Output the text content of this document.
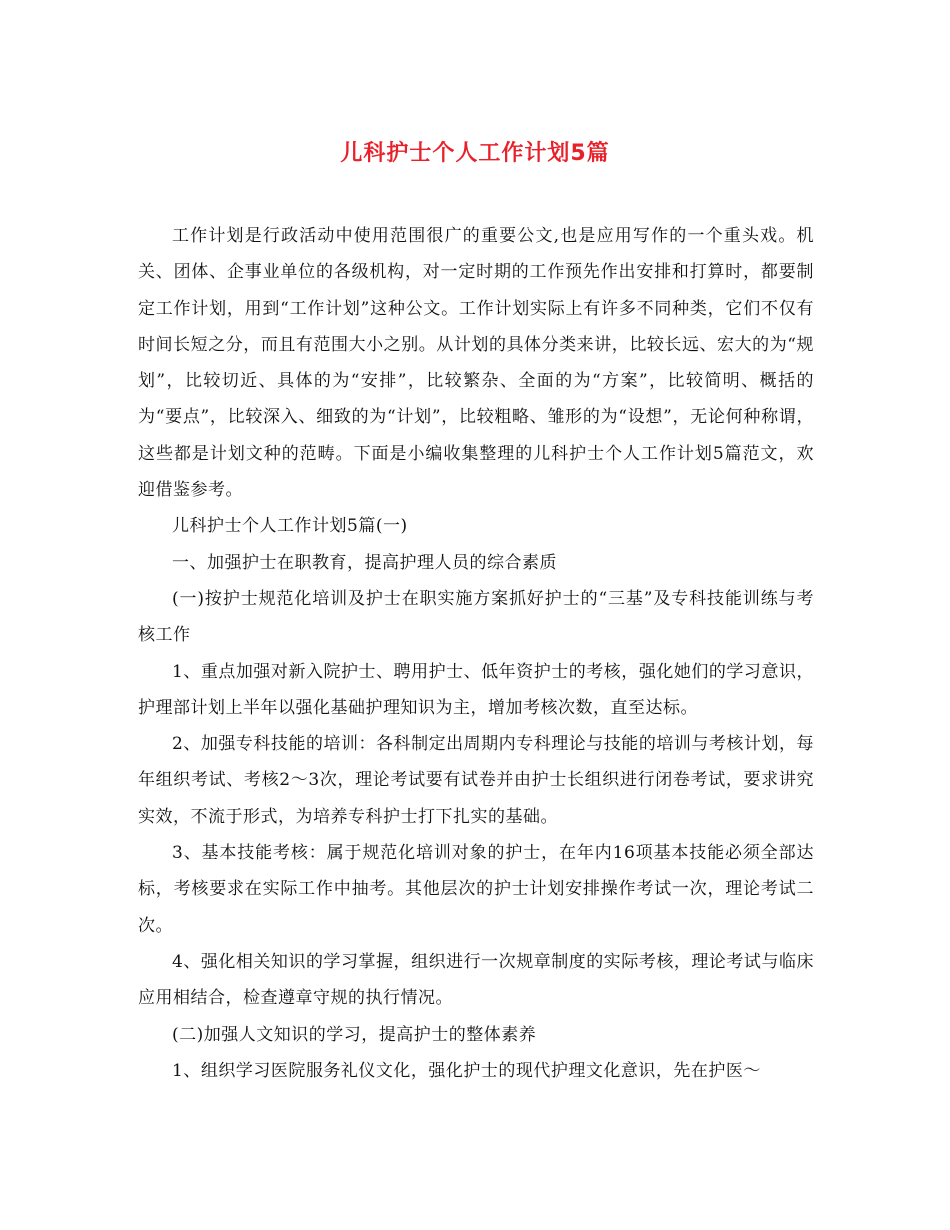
儿科护士个人工作计划5篇

工作计划是行政活动中使用范围很广的重要公文,也是应用写作的一个重头戏。机关、团体、企事业单位的各级机构，对一定时期的工作预先作出安排和打算时，都要制定工作计划，用到“工作计划”这种公文。工作计划实际上有许多不同种类，它们不仅有时间长短之分，而且有范围大小之别。从计划的具体分类来讲，比较长远、宏大的为“规划”，比较切近、具体的为“安排”，比较繁杂、全面的为“方案”，比较简明、概括的为“要点”，比较深入、细致的为“计划”，比较粗略、雏形的为“设想”，无论何种称谓，这些都是计划文种的范畴。下面是小编收集整理的儿科护士个人工作计划5篇范文，欢迎借鉴参考。

儿科护士个人工作计划5篇(一)

一、加强护士在职教育，提高护理人员的综合素质

(一)按护士规范化培训及护士在职实施方案抓好护士的“三基”及专科技能训练与考核工作

1、重点加强对新入院护士、聘用护士、低年资护士的考核，强化她们的学习意识，护理部计划上半年以强化基础护理知识为主，增加考核次数，直至达标。

2、加强专科技能的培训：各科制定出周期内专科理论与技能的培训与考核计划，每年组织考试、考核2～3次，理论考试要有试卷并由护士长组织进行闭卷考试，要求讲究实效，不流于形式，为培养专科护士打下扎实的基础。

3、基本技能考核：属于规范化培训对象的护士，在年内16项基本技能必须全部达标，考核要求在实际工作中抽考。其他层次的护士计划安排操作考试一次，理论考试二次。

4、强化相关知识的学习掌握，组织进行一次规章制度的实际考核，理论考试与临床应用相结合，检查遵章守规的执行情况。

(二)加强人文知识的学习，提高护士的整体素养

1、组织学习医院服务礼仪文化，强化护士的现代护理文化意识，先在护医～
